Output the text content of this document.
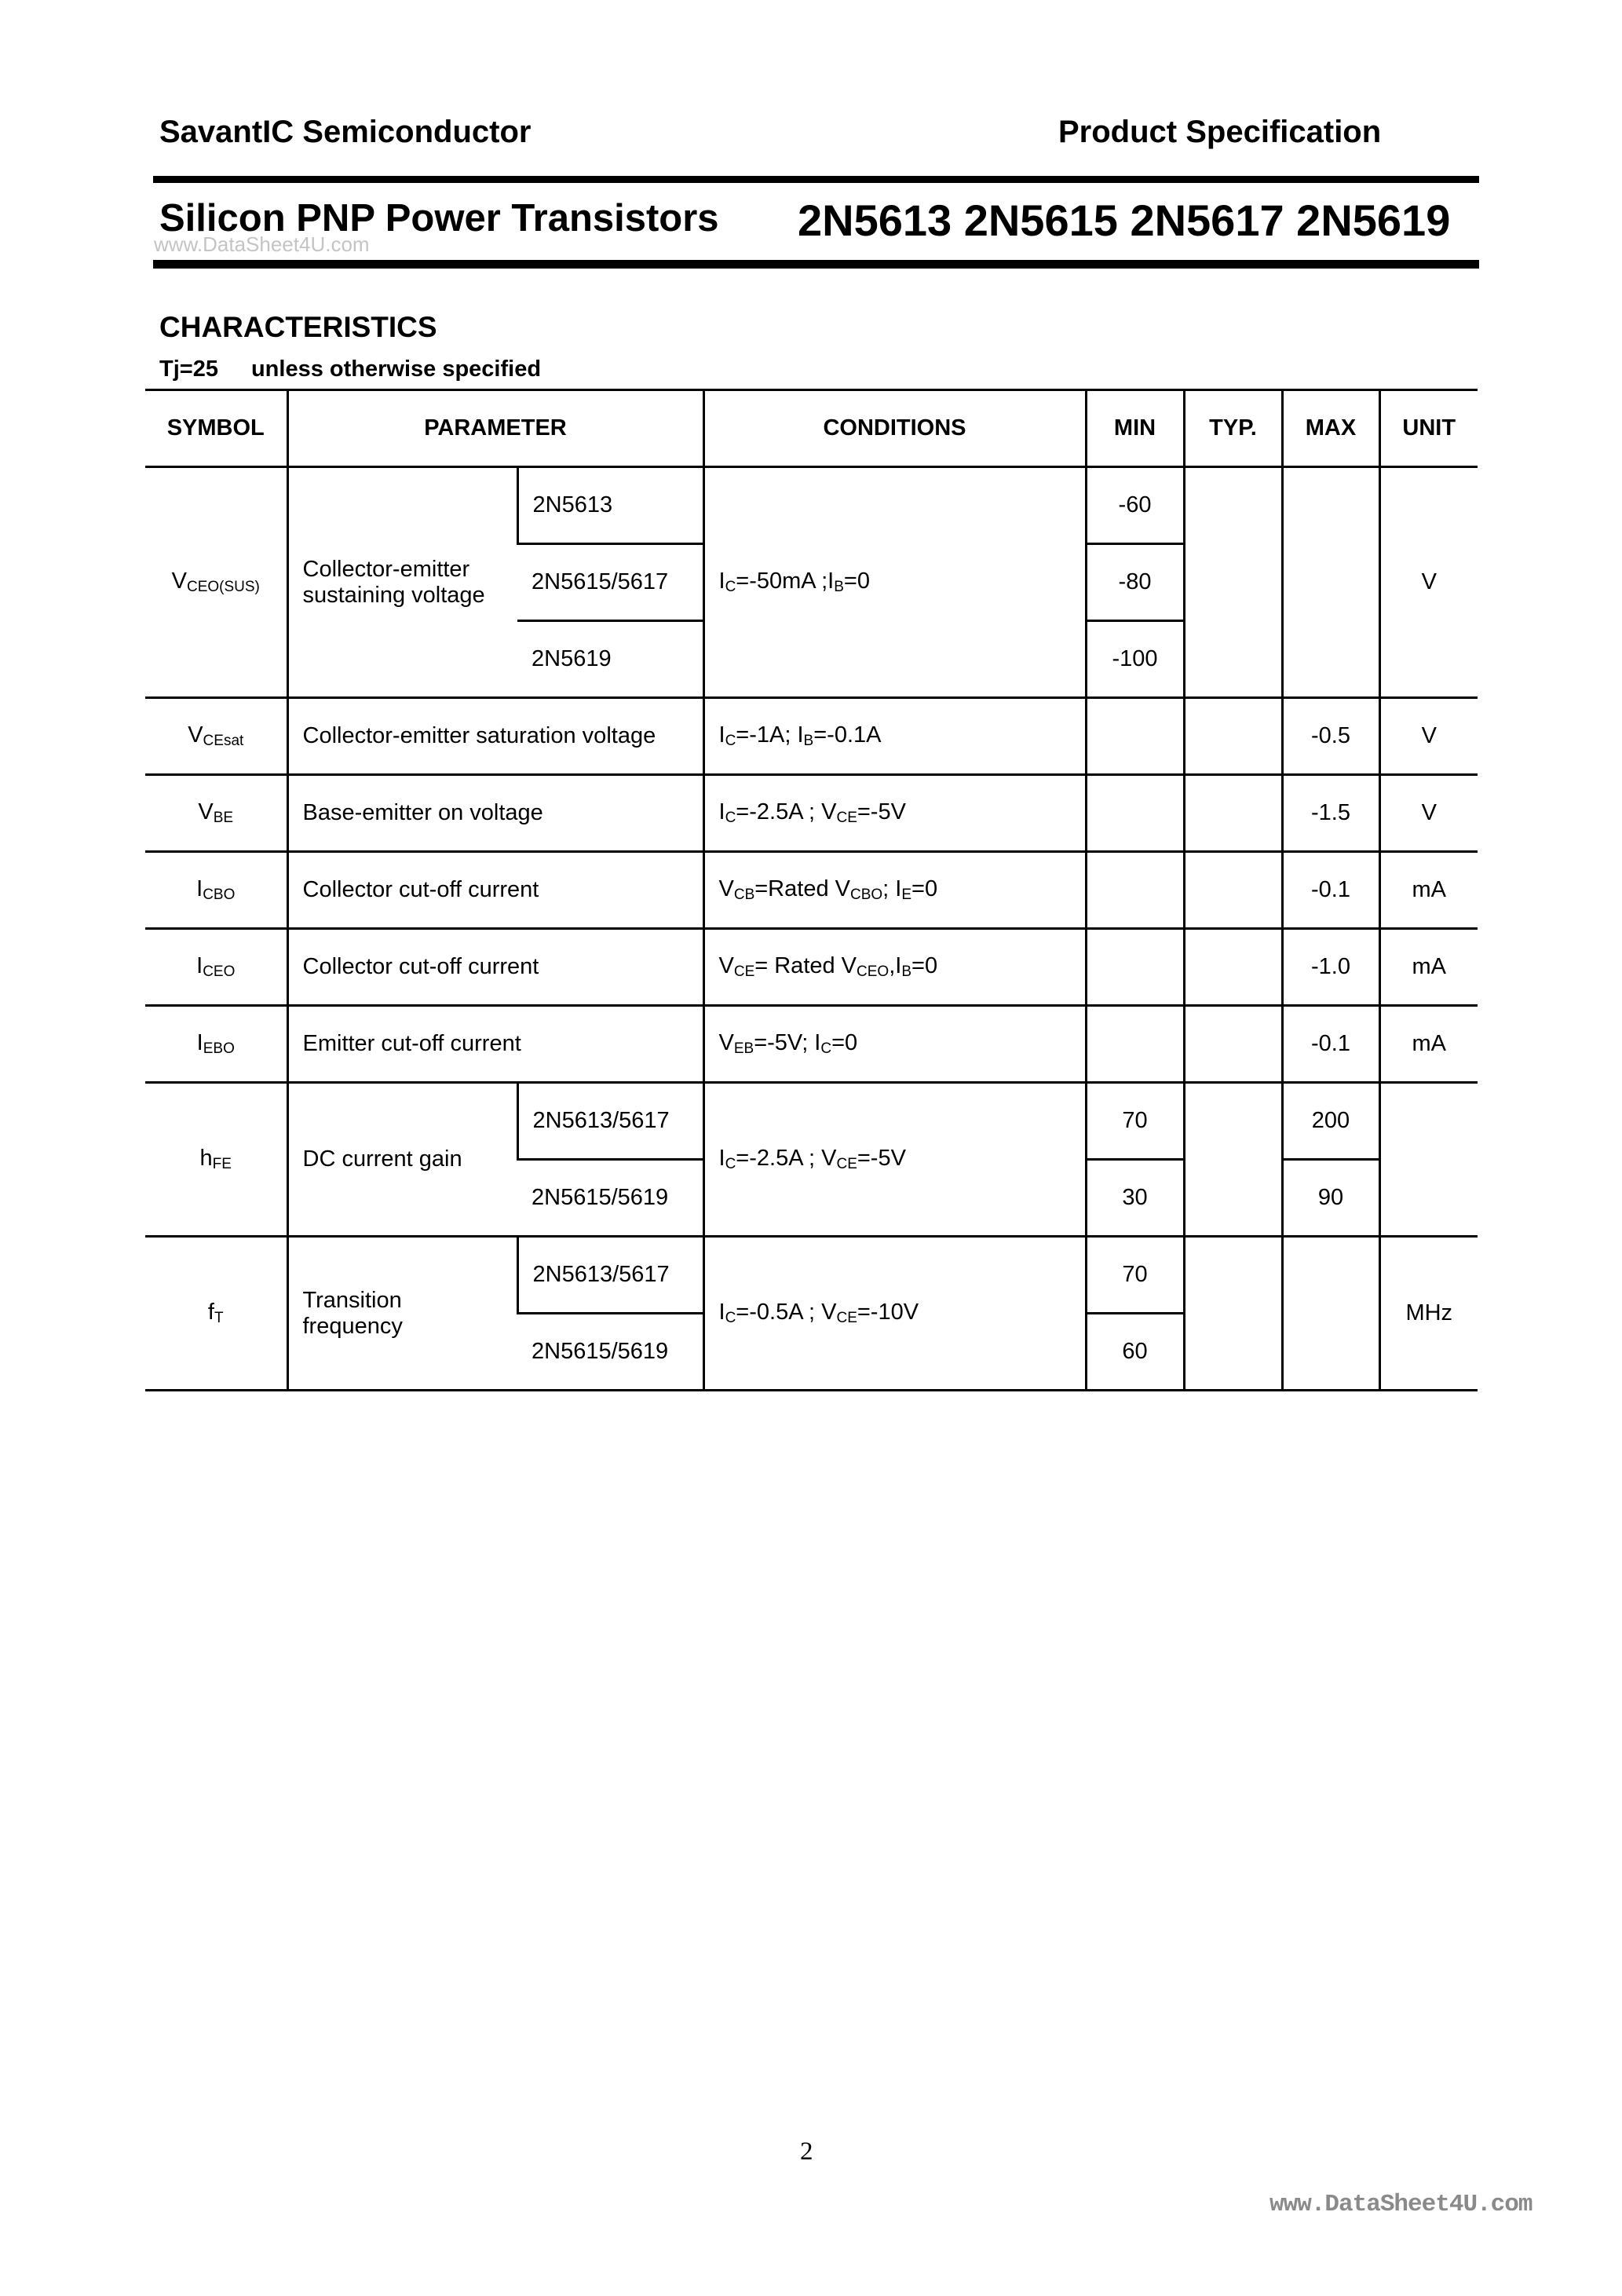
SavantIC Semiconductor	Product Specification
Silicon PNP Power Transistors 2N5613 2N5615 2N5617 2N5619
www.DataSheet4U.com
CHARACTERISTICS
Tj=25 unless otherwise specified
SYMBOL	PARAMETER		CONDITIONS	MIN	TYP.	MAX	UNIT
$V_{CEO(SUS)}$	Collector-emitter sustaining voltage	2N5613	$I_C=-50mA$ $;I_B=0$	-60			V
		2N5615/5617		-80			
		2N5619		-100			
$V_{CEsat}$	Collector-emitter saturation voltage		$I_C=-1A$; $I_B=-0.1A$			-0.5	V
$V_{BE}$	Base-emitter on voltage		$I_C=-2.5A$ ; $V_{CE}=-5V$			-1.5	V
$I_{CBO}$	Collector cut-off current		$V_{CB}=Rated$ $V_{CBO}$; $I_E=0$			-0.1	mA
$I_{CEO}$	Collector cut-off current		$V_{CE}=$ Rated $V_{CEO},I_B=0$			-1.0	mA
$I_{EBO}$	Emitter cut-off current		$V_{EB}=-5V$; $I_C=0$			-0.1	mA
$h_{FE}$	DC current gain	2N5613/5617	$I_C=-2.5A$ ; $V_{CE}=-5V$	70		200	
		2N5615/5619		30		90	
$f_T$	Transition frequency	2N5613/5617	$I_C=-0.5A$ ; $V_{CE}=-10V$	70			MHz
		2N5615/5619		60			
2
www.DataSheet4U.com
